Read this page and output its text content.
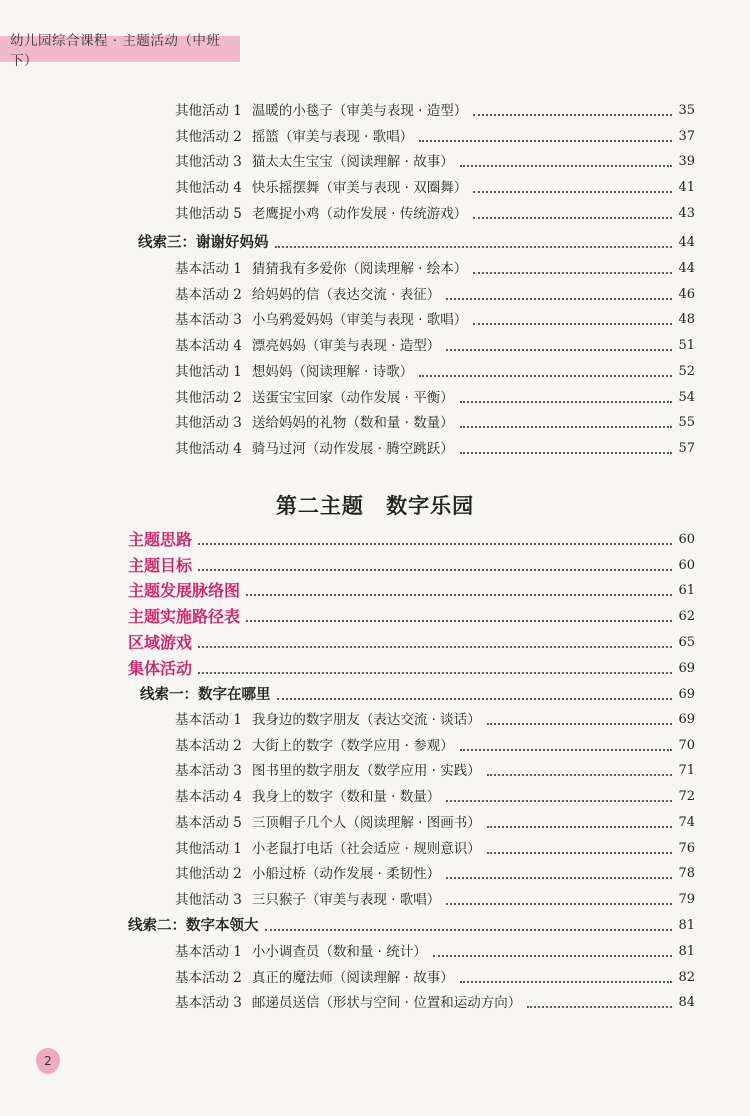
幼儿园综合课程 · 主题活动（中班下）
其他活动 1 温暖的小毯子（审美与表现 · 造型）	35
其他活动 2 摇篮（审美与表现 · 歌唱）	37
其他活动 3 猫太太生宝宝（阅读理解 · 故事）	39
其他活动 4 快乐摇摆舞（审美与表现 · 双圈舞）	41
其他活动 5 老鹰捉小鸡（动作发展 · 传统游戏）	43
线索三：谢谢好妈妈	44
基本活动 1 猜猜我有多爱你（阅读理解 · 绘本）	44
基本活动 2 给妈妈的信（表达交流 · 表征）	46
基本活动 3 小乌鸦爱妈妈（审美与表现 · 歌唱）	48
基本活动 4 漂亮妈妈（审美与表现 · 造型）	51
其他活动 1 想妈妈（阅读理解 · 诗歌）	52
其他活动 2 送蛋宝宝回家（动作发展 · 平衡）	54
其他活动 3 送给妈妈的礼物（数和量 · 数量）	55
其他活动 4 骑马过河（动作发展 · 腾空跳跃）	57
主题思路	60
主题目标	60
主题发展脉络图	61
主题实施路径表	62
区域游戏	65
集体活动	69
线索一：数字在哪里	69
基本活动 1 我身边的数字朋友（表达交流 · 谈话）	69
基本活动 2 大街上的数字（数学应用 · 参观）	70
基本活动 3 图书里的数字朋友（数学应用 · 实践）	71
基本活动 4 我身上的数字（数和量 · 数量）	72
基本活动 5 三顶帽子几个人（阅读理解 · 图画书）	74
其他活动 1 小老鼠打电话（社会适应 · 规则意识）	76
其他活动 2 小船过桥（动作发展 · 柔韧性）	78
其他活动 3 三只猴子（审美与表现 · 歌唱）	79
线索二：数字本领大	81
基本活动 1 小小调查员（数和量 · 统计）	81
基本活动 2 真正的魔法师（阅读理解 · 故事）	82
基本活动 3 邮递员送信（形状与空间 · 位置和运动方向）	84
第二主题 数字乐园
2
